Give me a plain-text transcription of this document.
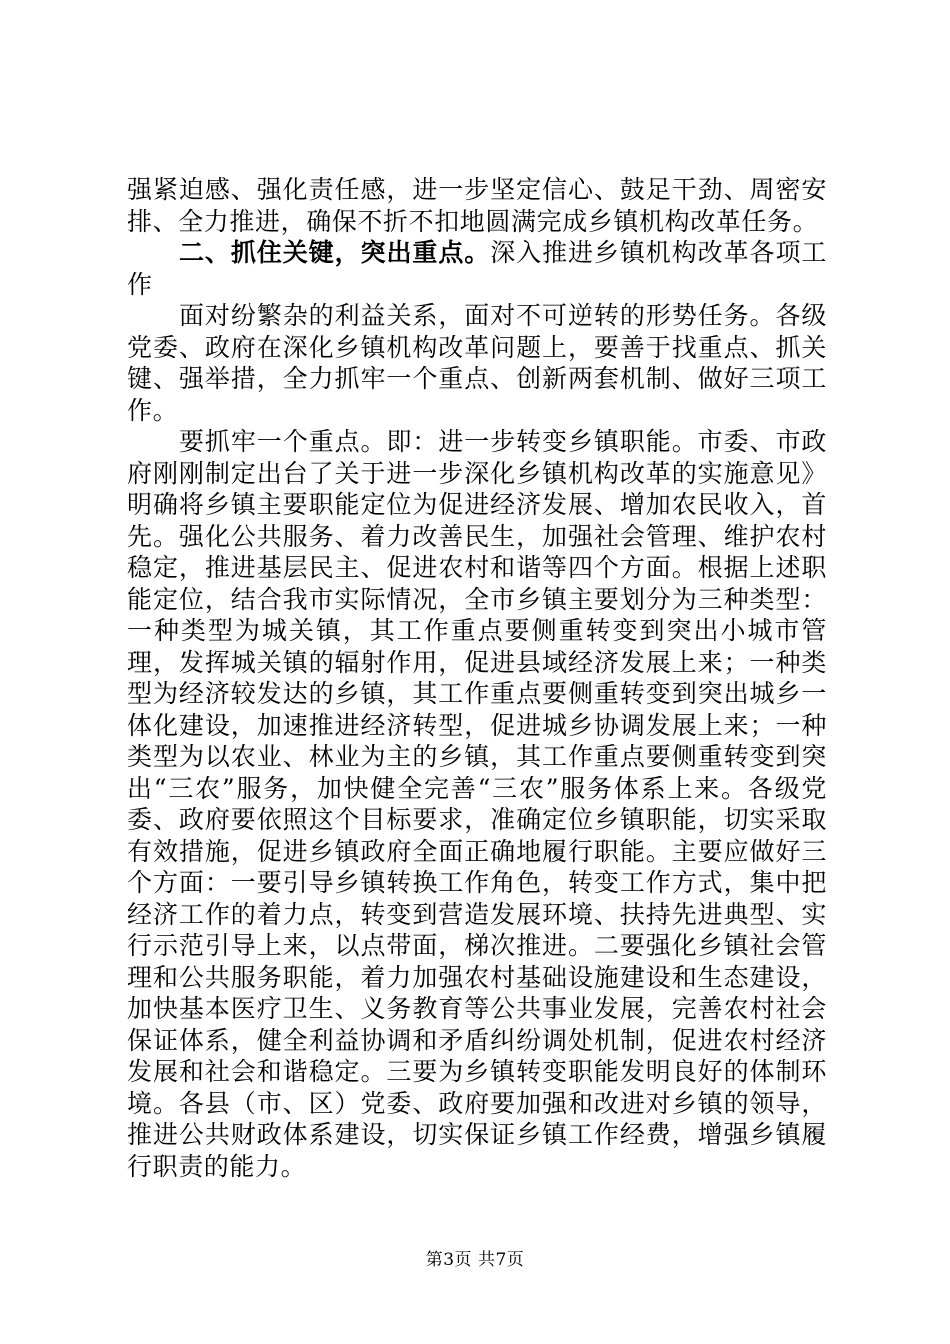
强紧迫感、强化责任感，进一步坚定信心、鼓足干劲、周密安排、全力推进，确保不折不扣地圆满完成乡镇机构改革任务。

二、抓住关键，突出重点。深入推进乡镇机构改革各项工作

面对纷繁杂的利益关系，面对不可逆转的形势任务。各级党委、政府在深化乡镇机构改革问题上，要善于找重点、抓关键、强举措，全力抓牢一个重点、创新两套机制、做好三项工作。

要抓牢一个重点。即：进一步转变乡镇职能。市委、市政府刚刚制定出台了关于进一步深化乡镇机构改革的实施意见》明确将乡镇主要职能定位为促进经济发展、增加农民收入，首先。强化公共服务、着力改善民生，加强社会管理、维护农村稳定，推进基层民主、促进农村和谐等四个方面。根据上述职能定位，结合我市实际情况，全市乡镇主要划分为三种类型：一种类型为城关镇，其工作重点要侧重转变到突出小城市管理，发挥城关镇的辐射作用，促进县域经济发展上来；一种类型为经济较发达的乡镇，其工作重点要侧重转变到突出城乡一体化建设，加速推进经济转型，促进城乡协调发展上来；一种类型为以农业、林业为主的乡镇，其工作重点要侧重转变到突出“三农”服务，加快健全完善“三农”服务体系上来。各级党委、政府要依照这个目标要求，准确定位乡镇职能，切实采取有效措施，促进乡镇政府全面正确地履行职能。主要应做好三个方面：一要引导乡镇转换工作角色，转变工作方式，集中把经济工作的着力点，转变到营造发展环境、扶持先进典型、实行示范引导上来，以点带面，梯次推进。二要强化乡镇社会管理和公共服务职能，着力加强农村基础设施建设和生态建设，加快基本医疗卫生、义务教育等公共事业发展，完善农村社会保证体系，健全利益协调和矛盾纠纷调处机制，促进农村经济发展和社会和谐稳定。三要为乡镇转变职能发明良好的体制环境。各县（市、区）党委、政府要加强和改进对乡镇的领导，推进公共财政体系建设，切实保证乡镇工作经费，增强乡镇履行职责的能力。

第3页 共7页
